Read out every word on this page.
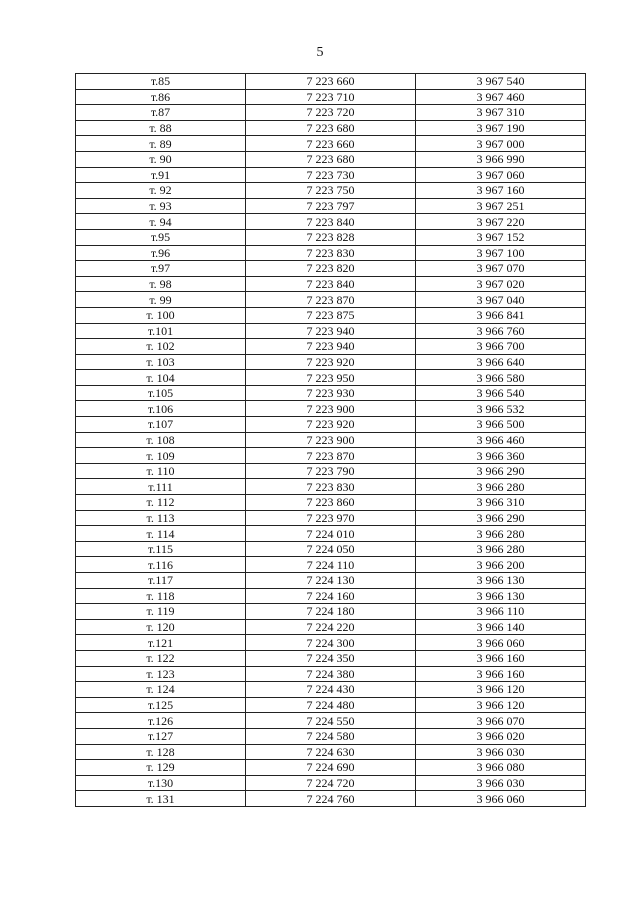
5
т.85	7 223 660	3 967 540
т.86	7 223 710	3 967 460
т.87	7 223 720	3 967 310
т. 88	7 223 680	3 967 190
т. 89	7 223 660	3 967 000
т. 90	7 223 680	3 966 990
т.91	7 223 730	3 967 060
т. 92	7 223 750	3 967 160
т. 93	7 223 797	3 967 251
т. 94	7 223 840	3 967 220
т.95	7 223 828	3 967 152
т.96	7 223 830	3 967 100
т.97	7 223 820	3 967 070
т. 98	7 223 840	3 967 020
т. 99	7 223 870	3 967 040
т. 100	7 223 875	3 966 841
т.101	7 223 940	3 966 760
т. 102	7 223 940	3 966 700
т. 103	7 223 920	3 966 640
т. 104	7 223 950	3 966 580
т.105	7 223 930	3 966 540
т.106	7 223 900	3 966 532
т.107	7 223 920	3 966 500
т. 108	7 223 900	3 966 460
т. 109	7 223 870	3 966 360
т. 110	7 223 790	3 966 290
т.111	7 223 830	3 966 280
т. 112	7 223 860	3 966 310
т. 113	7 223 970	3 966 290
т. 114	7 224 010	3 966 280
т.115	7 224 050	3 966 280
т.116	7 224 110	3 966 200
т.117	7 224 130	3 966 130
т. 118	7 224 160	3 966 130
т. 119	7 224 180	3 966 110
т. 120	7 224 220	3 966 140
т.121	7 224 300	3 966 060
т. 122	7 224 350	3 966 160
т. 123	7 224 380	3 966 160
т. 124	7 224 430	3 966 120
т.125	7 224 480	3 966 120
т.126	7 224 550	3 966 070
т.127	7 224 580	3 966 020
т. 128	7 224 630	3 966 030
т. 129	7 224 690	3 966 080
т.130	7 224 720	3 966 030
т. 131	7 224 760	3 966 060
